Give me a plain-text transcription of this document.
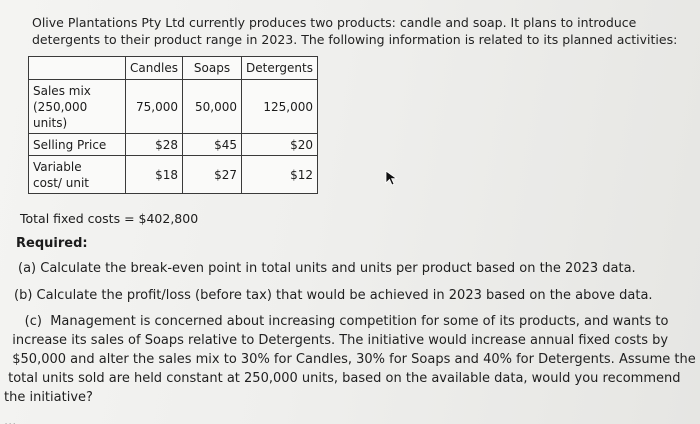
Olive Plantations Pty Ltd currently produces two products: candle and soap. It plans to introduce
detergents to their product range in 2023. The following information is related to its planned activities:
	Candles	Soaps	Detergents

Sales mix
(250,000
units)	75,000	50,000	125,000
Selling Price	$28	$45	$20

Variable
cost/ unit	$18	$27	$12
Total fixed costs = $402,800
Required:
(a) Calculate the break-even point in total units and units per product based on the 2023 data.
(b) Calculate the profit/loss (before tax) that would be achieved in 2023 based on the above data.
(c)  Management is concerned about increasing competition for some of its products, and wants to
increase its sales of Soaps relative to Detergents. The initiative would increase annual fixed costs by
$50,000 and alter the sales mix to 30% for Candles, 30% for Soaps and 40% for Detergents. Assume the
total units sold are held constant at 250,000 units, based on the available data, would you recommend
the initiative?
...
